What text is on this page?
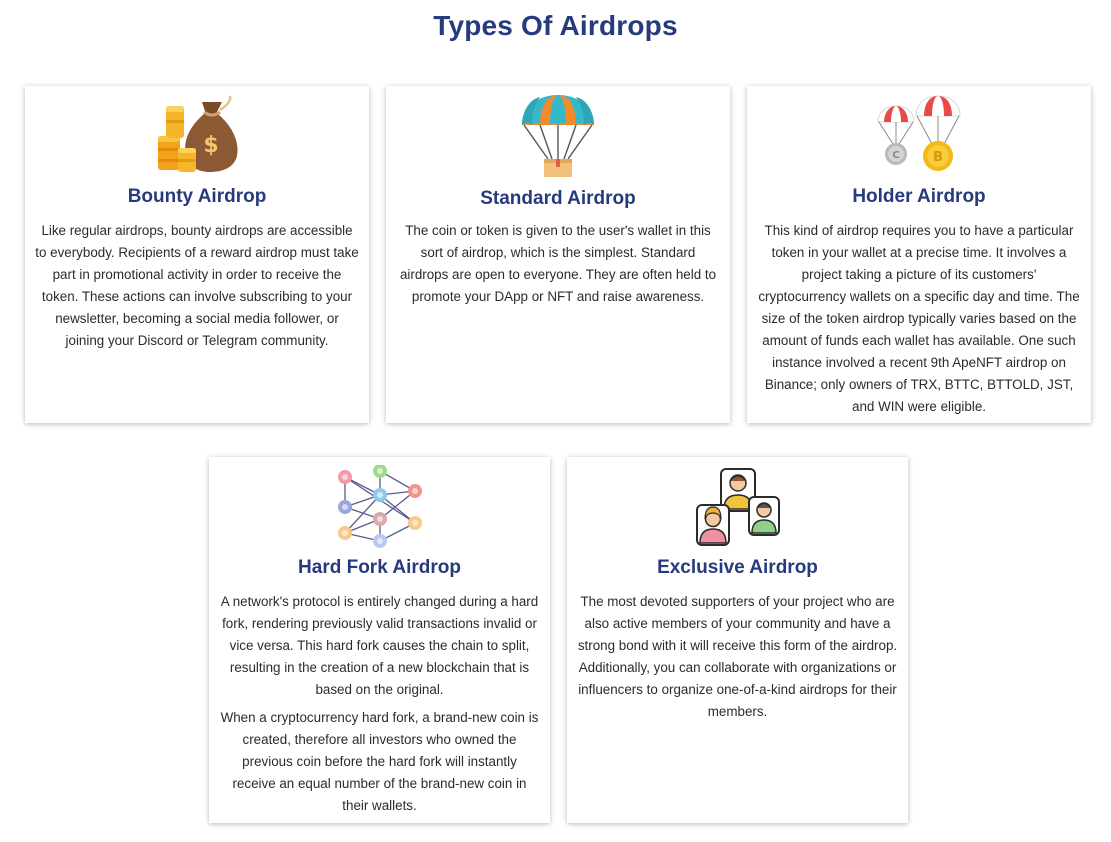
Types Of Airdrops
$
Bounty Airdrop

Like regular airdrops, bounty airdrops are accessible to everybody. Recipients of a reward airdrop must take part in promotional activity in order to receive the token. These actions can involve subscribing to your newsletter, becoming a social media follower, or joining your Discord or Telegram community.

Standard Airdrop

The coin or token is given to the user's wallet in this sort of airdrop, which is the simplest. Standard airdrops are open to everyone. They are often held to promote your DApp or NFT and raise awareness.

C	B
Holder Airdrop

This kind of airdrop requires you to have a particular token in your wallet at a precise time. It involves a project taking a picture of its customers' cryptocurrency wallets on a specific day and time. The size of the token airdrop typically varies based on the amount of funds each wallet has available. One such instance involved a recent 9th ApeNFT airdrop on Binance; only owners of TRX, BTTC, BTTOLD, JST, and WIN were eligible.

Hard Fork Airdrop

A network's protocol is entirely changed during a hard fork, rendering previously valid transactions invalid or vice versa. This hard fork causes the chain to split, resulting in the creation of a new blockchain that is based on the original.

When a cryptocurrency hard fork, a brand-new coin is created, therefore all investors who owned the previous coin before the hard fork will instantly receive an equal number of the brand-new coin in their wallets.

Exclusive Airdrop

The most devoted supporters of your project who are also active members of your community and have a strong bond with it will receive this form of the airdrop. Additionally, you can collaborate with organizations or influencers to organize one-of-a-kind airdrops for their members.
